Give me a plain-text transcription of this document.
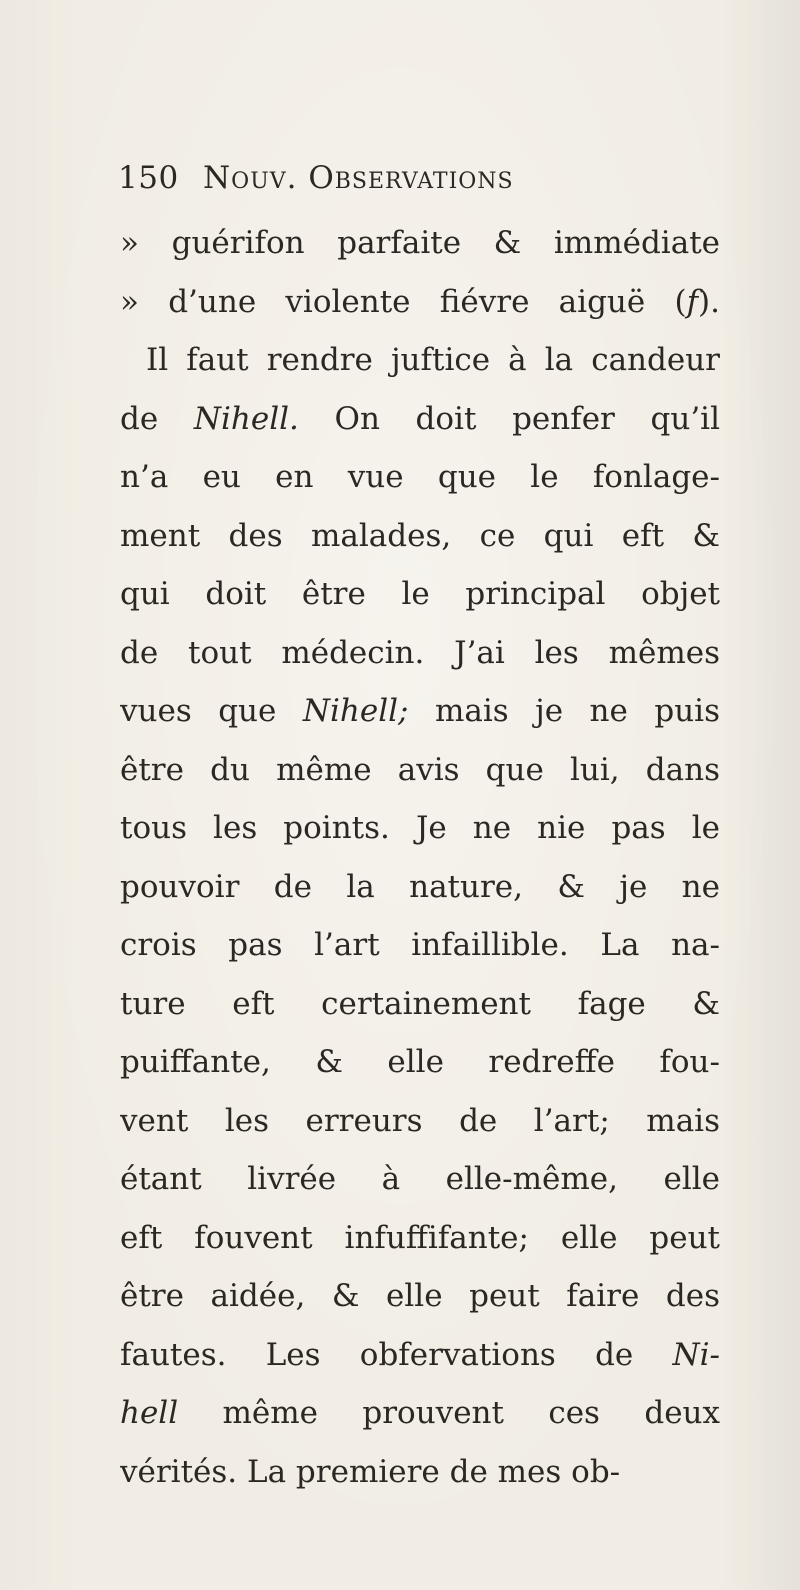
150 Nouv. Observations
» guérifon parfaite & immédiate
» d’une violente fiévre aiguë (f).
Il faut rendre juftice à la candeur
de Nihell. On doit penfer qu’il
n’a eu en vue que le fonlage-
ment des malades, ce qui eft &
qui doit être le principal objet
de tout médecin. J’ai les mêmes
vues que Nihell; mais je ne puis
être du même avis que lui, dans
tous les points. Je ne nie pas le
pouvoir de la nature, & je ne
crois pas l’art infaillible. La na-
ture eft certainement fage &
puiffante, & elle redreffe fou-
vent les erreurs de l’art; mais
étant livrée à elle-même, elle
eft fouvent infuffifante; elle peut
être aidée, & elle peut faire des
fautes. Les obfervations de Ni-
hell même prouvent ces deux
vérités. La premiere de mes ob-
